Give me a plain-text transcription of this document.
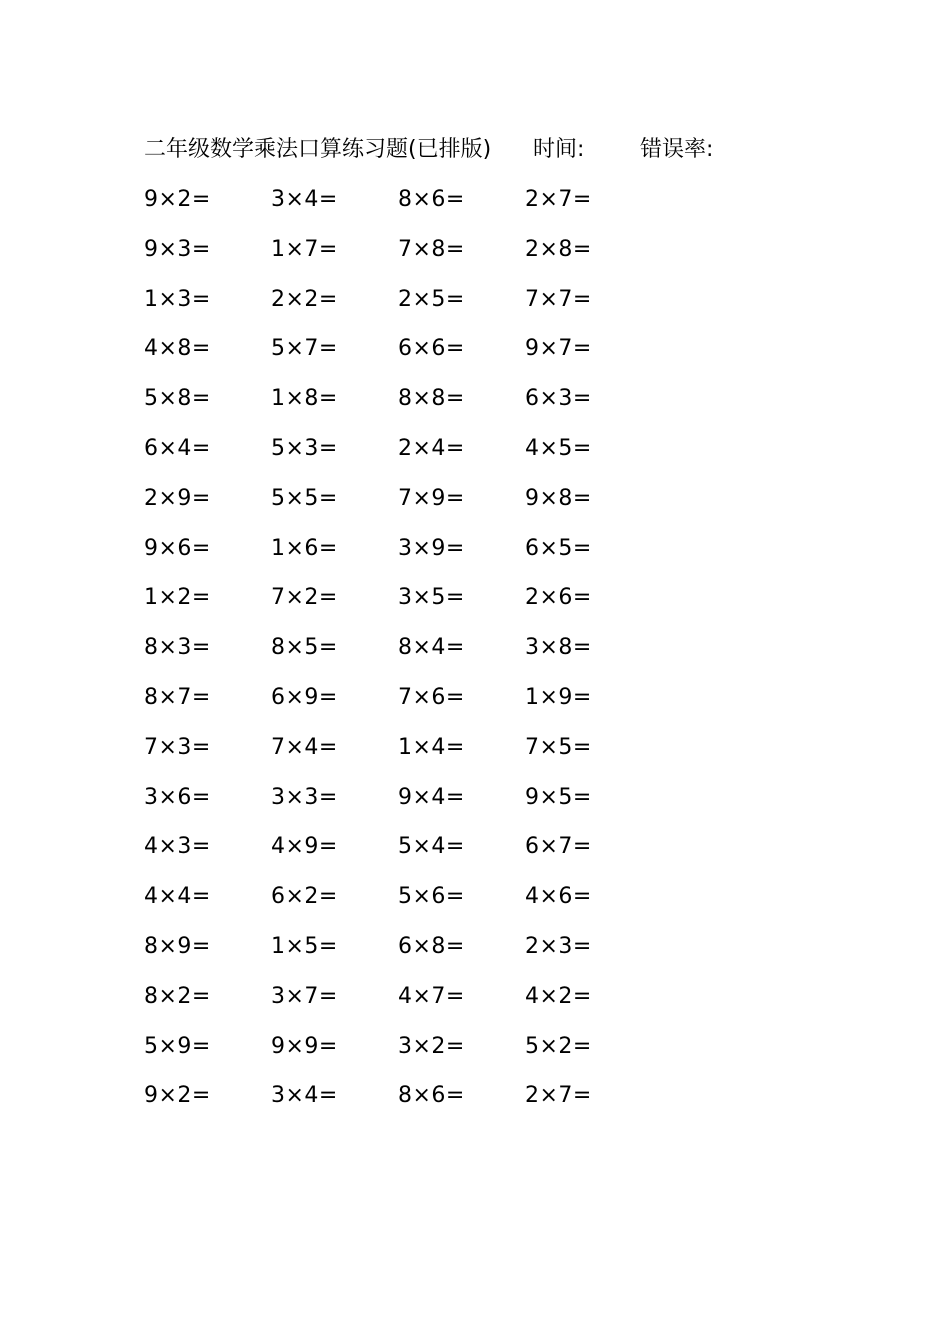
二年级数学乘法口算练习题(已排版) 时间:	错误率:
9×2=	3×4=	8×6=	2×7=
9×3=	1×7=	7×8=	2×8=
1×3=	2×2=	2×5=	7×7=
4×8=	5×7=	6×6=	9×7=
5×8=	1×8=	8×8=	6×3=
6×4=	5×3=	2×4=	4×5=
2×9=	5×5=	7×9=	9×8=
9×6=	1×6=	3×9=	6×5=
1×2=	7×2=	3×5=	2×6=
8×3=	8×5=	8×4=	3×8=
8×7=	6×9=	7×6=	1×9=
7×3=	7×4=	1×4=	7×5=
3×6=	3×3=	9×4=	9×5=
4×3=	4×9=	5×4=	6×7=
4×4=	6×2=	5×6=	4×6=
8×9=	1×5=	6×8=	2×3=
8×2=	3×7=	4×7=	4×2=
5×9=	9×9=	3×2=	5×2=
9×2=	3×4=	8×6=	2×7=
